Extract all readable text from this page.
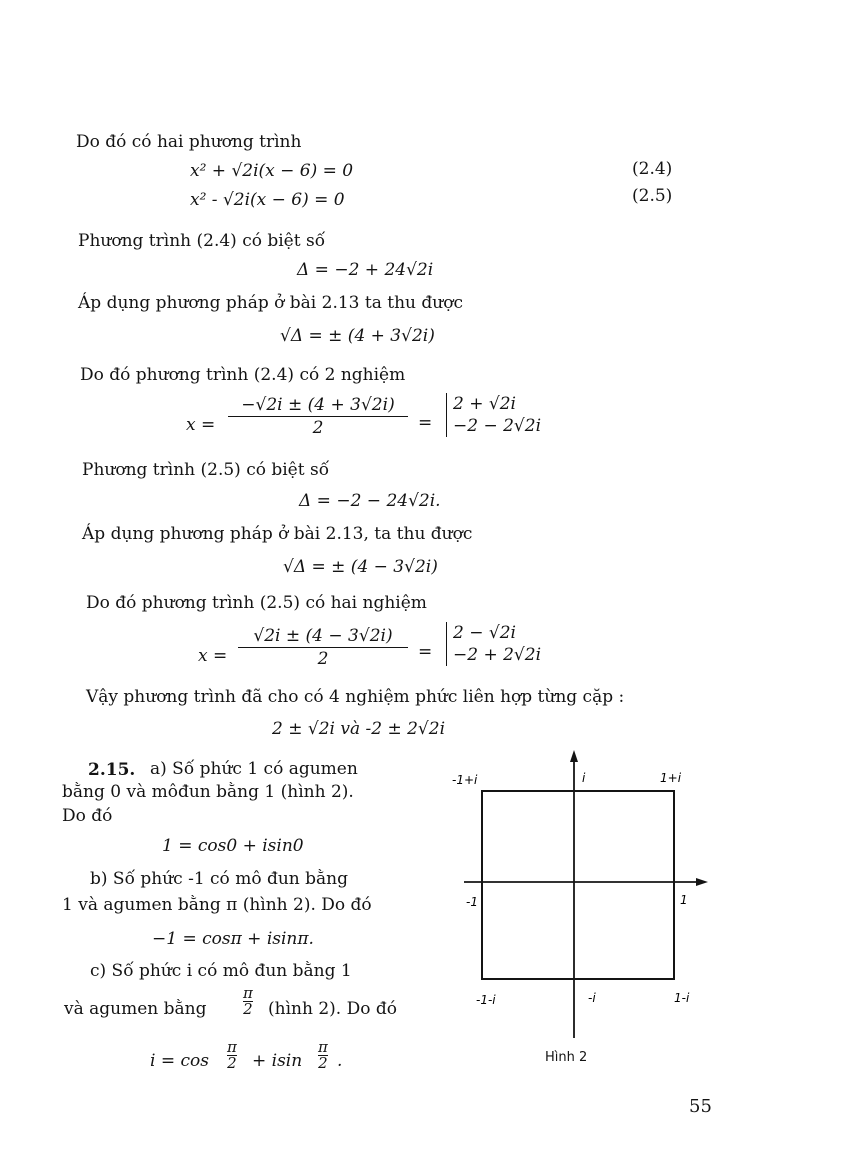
Do đó có hai phương trình
x² + √2i(x − 6) = 0	(2.4)
x² - √2i(x − 6) = 0	(2.5)
Phương trình (2.4) có biệt số
Δ = −2 + 24√2i
Áp dụng phương pháp ở bài 2.13 ta thu được
√Δ = ± (4 + 3√2i)
Do đó phương trình (2.4) có 2 nghiệm
$x = \frac{-√2i \pm (4 + 3√2i)}{2}$ =
2 + √2i
−2 − 2√2i
Phương trình (2.5) có biệt số
Δ = −2 − 24√2i.
Áp dụng phương pháp ở bài 2.13, ta thu được
√Δ = ± (4 − 3√2i)
Do đó phương trình (2.5) có hai nghiệm
$x = \frac{√2i \pm (4 - 3√2i)}{2}$ =
2 − √2i
−2 + 2√2i
Vậy phương trình đã cho có 4 nghiệm phức liên hợp từng cặp :
2 ± √2i và -2 ± 2√2i
2.15. a) Số phức 1 có agumen
bằng 0 và môđun bằng 1 (hình 2).
Do đó
1 = cos0 + isin0
b) Số phức -1 có mô đun bằng
1 và agumen bằng π (hình 2). Do đó
−1 = cosπ + isinπ.
c) Số phức i có mô đun bằng 1
và agumen bằng $\frac{\pi}{2}$ (hình 2). Do đó
$i = \cos \frac{\pi}{2} + isin \frac{\pi}{2}$ .
-1+i	i	1+i
-1	1
-1-i	-i	1-i
Hình 2
55
